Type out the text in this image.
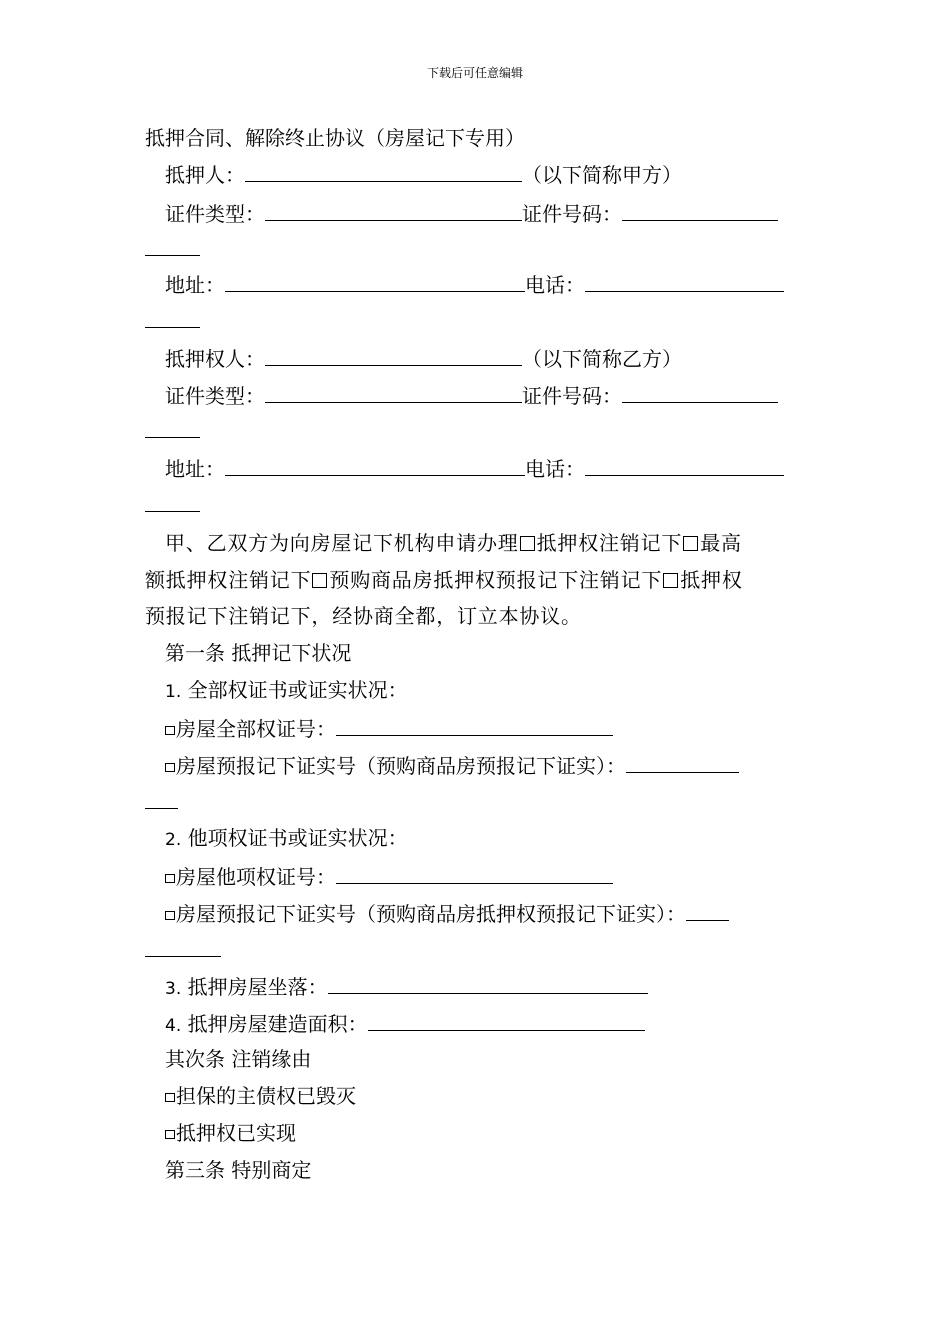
下载后可任意编辑
抵押合同、解除终止协议（房屋记下专用）
抵押人：	（以下简称甲方）
证件类型：	证件号码：
地址：	电话：
抵押权人：	（以下简称乙方）
证件类型：	证件号码：
地址：	电话：
甲、乙双方为向房屋记下机构申请办理 抵押权注销记下 最高
额抵押权注销记下 预购商品房抵押权预报记下注销记下 抵押权
预报记下注销记下，经协商全都，订立本协议。
第一条 抵押记下状况
1. 全部权证书或证实状况：
房屋全部权证号：
房屋预报记下证实号（预购商品房预报记下证实）：
2. 他项权证书或证实状况：
房屋他项权证号：
房屋预报记下证实号（预购商品房抵押权预报记下证实）：
3. 抵押房屋坐落：
4. 抵押房屋建造面积：
其次条 注销缘由
担保的主债权已毁灭
抵押权已实现
第三条 特别商定
